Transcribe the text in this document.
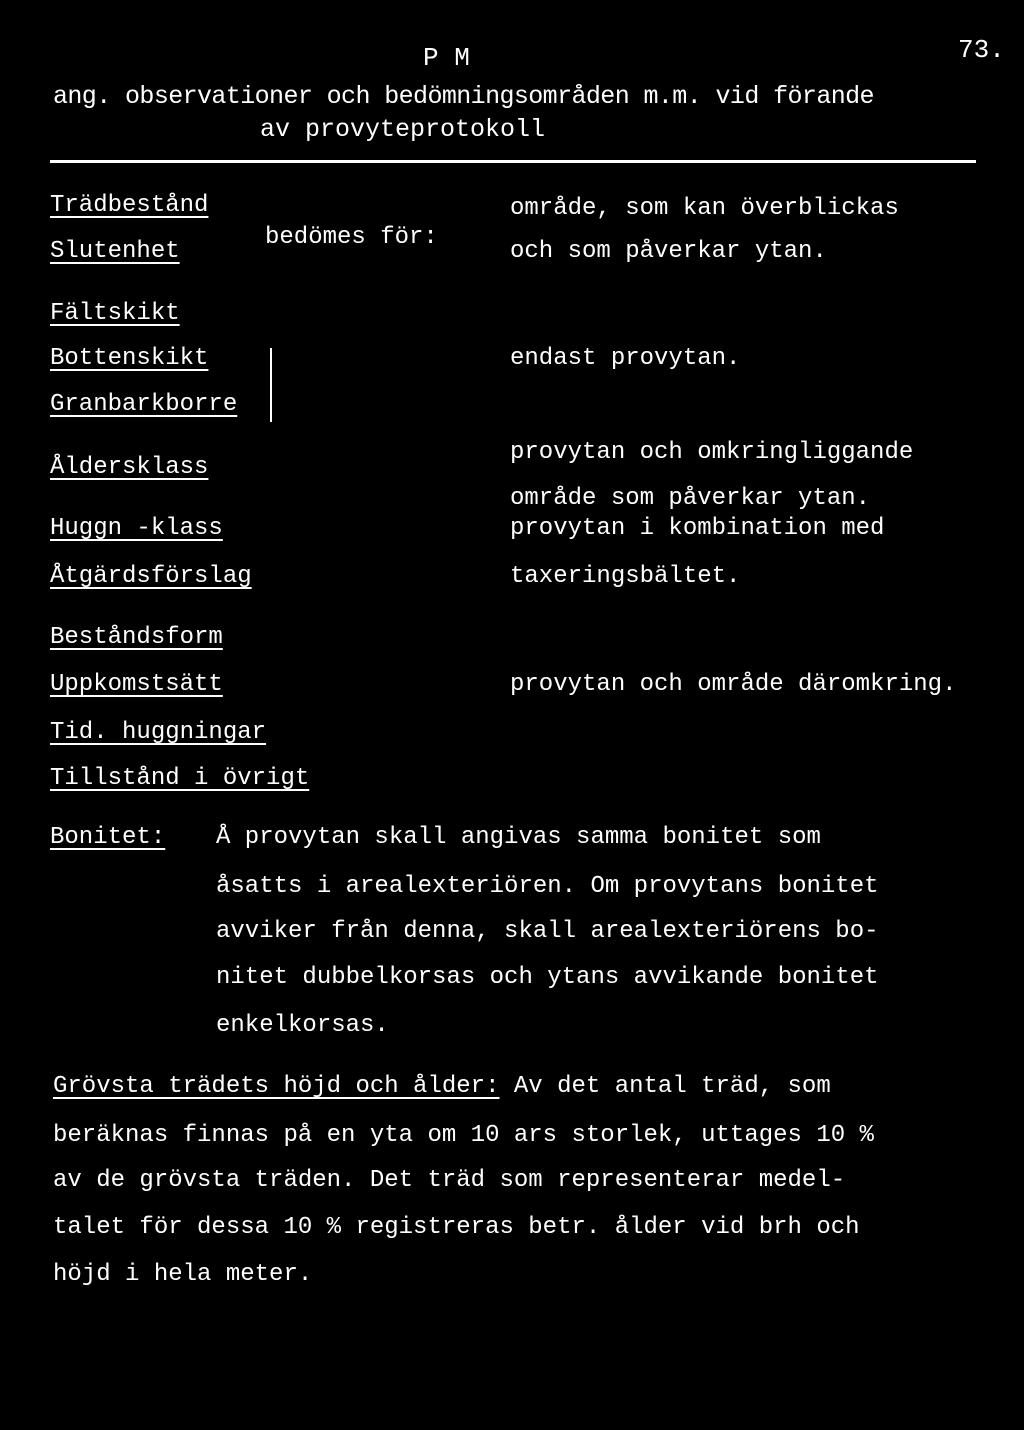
P M	73.
ang. observationer och bedömningsområden m.m. vid förande
av provyteprotokoll
Trädbestånd
Slutenhet
bedömes för:
Fältskikt
Bottenskikt
Granbarkborre
Åldersklass
Huggn -klass
Åtgärdsförslag
Beståndsform
Uppkomstsätt
Tid. huggningar
Tillstånd i övrigt
område, som kan överblickas
och som påverkar ytan.
endast provytan.
provytan och omkringliggande
område som påverkar ytan.
provytan i kombination med
taxeringsbältet.
provytan och område däromkring.
Bonitet: Å provytan skall angivas samma bonitet som
åsatts i arealexteriören. Om provytans bonitet
avviker från denna, skall arealexteriörens bo-
nitet dubbelkorsas och ytans avvikande bonitet
enkelkorsas.
Grövsta trädets höjd och ålder: Av det antal träd, som
beräknas finnas på en yta om 10 ars storlek, uttages 10 %
av de grövsta träden. Det träd som representerar medel-
talet för dessa 10 % registreras betr. ålder vid brh och
höjd i hela meter.
